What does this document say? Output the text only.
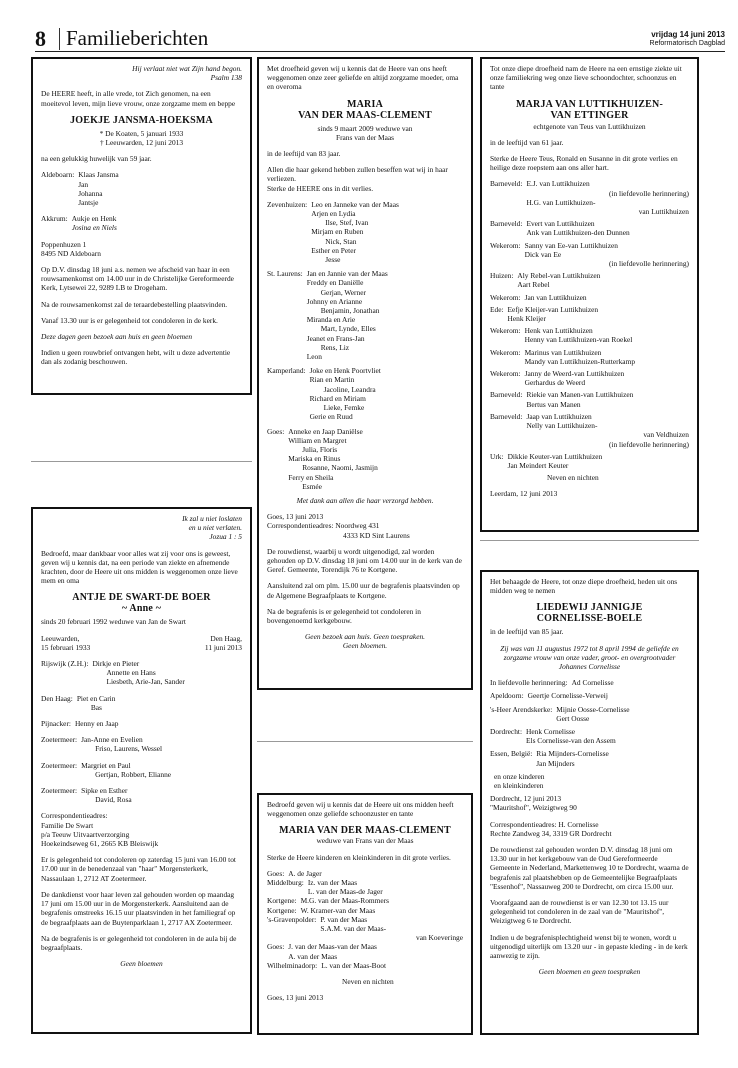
8 Familieberichten	vrijdag 14 juni 2013
Reformatorisch Dagblad

Hij verlaat niet wat Zijn hand begon.

Psalm 138

De HEERE heeft, in alle vrede, tot Zich genomen, na een moeitevol leven, mijn lieve vrouw, onze zorgzame mem en beppe

JOEKJE JANSMA-HOEKSMA

* De Koaten, 5 januari 1933

† Leeuwarden, 12 juni 2013

na een gelukkig huwelijk van 59 jaar.

Aldeboarn: Klaas Jansma
Jan
Johanna
Jantsje
Akkrum: Aukje en Henk
Josina en Niels

Poppenhuzen 1

8495 ND Aldeboarn

Op D.V. dinsdag 18 juni a.s. nemen we afscheid van haar in een rouwsamenkomst om 14.00 uur in de Christelijke Gereformeerde Kerk, Lytsewei 22, 9289 LB te Drogeham.

Na de rouwsamenkomst zal de teraardebestelling plaatsvinden.

Vanaf 13.30 uur is er gelegenheid tot condoleren in de kerk.

Deze dagen geen bezoek aan huis en geen bloemen

Indien u geen rouwbrief ontvangen hebt, wilt u deze advertentie dan als zodanig beschouwen.

Ik zal u niet loslaten

en u niet verlaten.

Jozua 1 : 5

Bedroefd, maar dankbaar voor alles wat zij voor ons is geweest, geven wij u kennis dat, na een periode van ziekte en afnemende krachten, door de Heere uit ons midden is weggenomen onze lieve mem en oma

ANTJE DE SWART-DE BOER
~ Anne ~

sinds 20 februari 1992 weduwe van Jan de Swart

Leeuwarden,
15 februari 1933
Den Haag,
11 juni 2013
Rijswijk (Z.H.): Dirkje en Pieter
Annette en Hans
Liesbeth, Arie-Jan, Sander
Den Haag: Piet en Carin
Bas
Pijnacker: Henny en Jaap
Zoetermeer: Jan-Anne en Evelien
Friso, Laurens, Wessel
Zoetermeer: Margriet en Paul
Gertjan, Robbert, Elianne
Zoetermeer: Sipke en Esther
David, Rosa

Correspondentieadres:

Familie De Swart

p/a Teeuw Uitvaartverzorging

Hoekeindseweg 61, 2665 KB Bleiswijk

Er is gelegenheid tot condoleren op zaterdag 15 juni van 16.00 tot 17.00 uur in de benedenzaal van "haar" Morgensterkerk, Nassaulaan 1, 2712 AT Zoetermeer.

De dankdienst voor haar leven zal gehouden worden op maandag 17 juni om 15.00 uur in de Morgensterkerk. Aansluitend aan de begrafenis omstreeks 16.15 uur plaatsvinden in het familiegraf op de begraafplaats aan de Buytenparklaan 1, 2717 AX Zoetermeer.

Na de begrafenis is er gelegenheid tot condoleren in de aula bij de begraafplaats.

Geen bloemen

Met droefheid geven wij u kennis dat de Heere van ons heeft weggenomen onze zeer geliefde en altijd zorgzame moeder, oma en overoma

MARIA
VAN DER MAAS-CLEMENT

sinds 9 maart 2009 weduwe van

Frans van der Maas

in de leeftijd van 83 jaar.

Allen die haar gekend hebben zullen beseffen wat wij in haar verliezen.

Sterke de HEERE ons in dit verlies.

Zevenhuizen: Leo en Janneke van der Maas
Arjen en Lydia
Ilse, Stef, Ivan
Mirjam en Ruben
Nick, Stan
Esther en Peter
Jesse
St. Laurens: Jan en Jannie van der Maas
Freddy en Daniëlle
Gerjan, Werner
Johnny en Arianne
Benjamin, Jonathan
Miranda en Arie
Mart, Lynde, Elles
Jeanet en Frans-Jan
Rens, Liz
Leon
Kamperland: Joke en Henk Poortvliet
Rian en Martin
Jacoline, Leandra
Richard en Miriam
Lieke, Femke
Gerie en Ruud
Goes: Anneke en Jaap Daniëlse
William en Margret
Julia, Floris
Mariska en Rinus
Rosanne, Naomi, Jasmijn
Ferry en Sheila
Esmée

Met dank aan allen die haar verzorgd hebben.

Goes, 13 juni 2013

Correspondentieadres: Noordweg 431

4333 KD Sint Laurens

De rouwdienst, waarbij u wordt uitgenodigd, zal worden gehouden op D.V. dinsdag 18 juni om 14.00 uur in de kerk van de Geref. Gemeente, Torendijk 76 te Kortgene.

Aansluitend zal om plm. 15.00 uur de begrafenis plaatsvinden op de Algemene Begraafplaats te Kortgene.

Na de begrafenis is er gelegenheid tot condoleren in bovengenoemd kerkgebouw.

Geen bezoek aan huis. Geen toespraken.

Geen bloemen.

Bedroefd geven wij u kennis dat de Heere uit ons midden heeft weggenomen onze geliefde schoonzuster en tante

MARIA VAN DER MAAS-CLEMENT

weduwe van Frans van der Maas

Sterke de Heere kinderen en kleinkinderen in dit grote verlies.

Goes: A. de Jager
Middelburg: Iz. van der Maas
L. van der Maas-de Jager
Kortgene: M.G. van der Maas-Rommers
Kortgene: W. Kramer-van der Maas
's-Gravenpolder: P. van der Maas
S.A.M. van der Maas-
van Koeveringe
Goes: J. van der Maas-van der Maas
A. van der Maas
Wilhelminadorp: L. van der Maas-Boot

Neven en nichten

Goes, 13 juni 2013

Tot onze diepe droefheid nam de Heere na een ernstige ziekte uit onze familiekring weg onze lieve schoondochter, schoonzus en tante

MARJA VAN LUTTIKHUIZEN-
VAN ETTINGER

echtgenote van Teus van Luttikhuizen

in de leeftijd van 61 jaar.

Sterke de Heere Teus, Ronald en Susanne in dit grote verlies en heilige deze roepstem aan ons aller hart.

Barneveld: E.J. van Luttikhuizen
(in liefdevolle herinnering)
H.G. van Luttikhuizen-
van Luttikhuizen
Barneveld: Evert van Luttikhuizen
Ank van Luttikhuizen-den Dunnen
Wekerom: Sanny van Ee-van Luttikhuizen
Dick van Ee
(in liefdevolle herinnering)
Huizen: Aly Rebel-van Luttikhuizen
Aart Rebel
Wekerom: Jan van Luttikhuizen
Ede: Eefje Kleijer-van Luttikhuizen
Henk Kleijer
Wekerom: Henk van Luttikhuizen
Henny van Luttikhuizen-van Roekel
Wekerom: Marinus van Luttikhuizen
Mandy van Luttikhuizen-Rutterkamp
Wekerom: Janny de Weerd-van Luttikhuizen
Gerhardus de Weerd
Barneveld: Riekie van Manen-van Luttikhuizen
Bertus van Manen
Barneveld: Jaap van Luttikhuizen
Nelly van Luttikhuizen-
van Veldhuizen
(in liefdevolle herinnering)
Urk: Dikkie Keuter-van Luttikhuizen
Jan Meindert Keuter

Neven en nichten

Leerdam, 12 juni 2013

Het behaagde de Heere, tot onze diepe droefheid, heden uit ons midden weg te nemen

LIEDEWIJ JANNIGJE
CORNELISSE-BOELE

in de leeftijd van 85 jaar.

Zij was van 11 augustus 1972 tot 8 april 1994 de geliefde en zorgzame vrouw van onze vader, groot- en overgrootvader Johannes Cornelisse

In liefdevolle herinnering: Ad Cornelisse
Apeldoorn: Geertje Cornelisse-Verweij
's-Heer Arendskerke: Mijnie Oosse-Cornelisse
Gert Oosse
Dordrecht: Henk Cornelisse
Els Cornelisse-van den Assem
Essen, België: Ria Mijnders-Cornelisse
Jan Mijnders
en onze kinderen
en kleinkinderen

Dordrecht, 12 juni 2013

"Mauritshof", Weizigtweg 90

Correspondentieadres: H. Cornelisse

Rechte Zandweg 34, 3319 GR Dordrecht

De rouwdienst zal gehouden worden D.V. dinsdag 18 juni om 13.30 uur in het kerkgebouw van de Oud Gereformeerde Gemeente in Nederland, Markettenweg 10 te Dordrecht, waarna de begrafenis zal plaatshebben op de Gemeentelijke Begraafplaats "Essenhof", Nassauweg 200 te Dordrecht, om circa 15.00 uur.

Voorafgaand aan de rouwdienst is er van 12.30 tot 13.15 uur gelegenheid tot condoleren in de zaal van de "Mauritshof", Weizigtweg 6 te Dordrecht.

Indien u de begrafenisplechtigheid wenst bij te wonen, wordt u uitgenodigd uiterlijk om 13.20 uur - in gepaste kleding - in de kerk aanwezig te zijn.

Geen bloemen en geen toespraken
